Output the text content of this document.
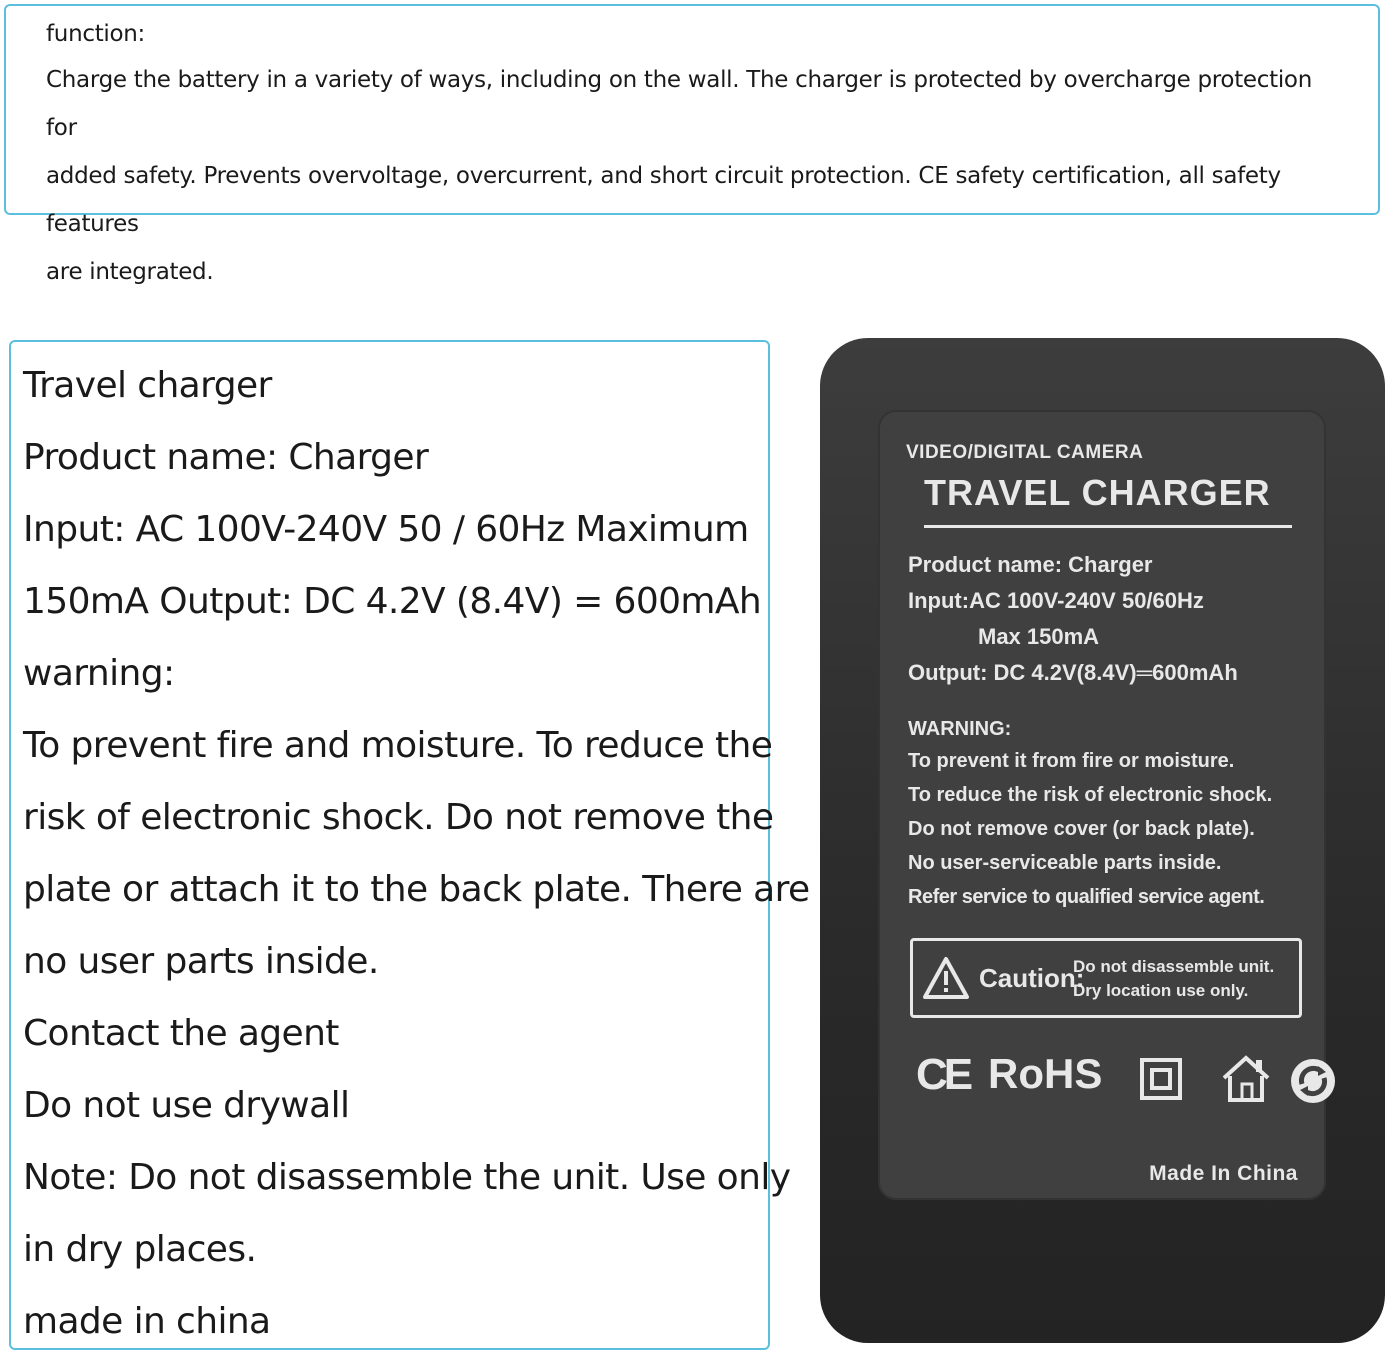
function:

Charge the battery in a variety of ways, including on the wall. The charger is protected by overcharge protection for

added safety. Prevents overvoltage, overcurrent, and short circuit protection. CE safety certification, all safety features

are integrated.

Travel charger

Product name: Charger

Input: AC 100V-240V 50 / 60Hz Maximum

150mA Output: DC 4.2V (8.4V) = 600mAh

warning:

To prevent fire and moisture. To reduce the

risk of electronic shock. Do not remove the

plate or attach it to the back plate. There are

no user parts inside.

Contact the agent

Do not use drywall

Note: Do not disassemble the unit. Use only

in dry places.

made in china

VIDEO/DIGITAL CAMERA
TRAVEL CHARGER
Product name: Charger
Input:AC 100V-240V 50/60Hz
Max 150mA
Output: DC 4.2V(8.4V)═600mAh
WARNING:
To prevent it from fire or moisture.
To reduce the risk of electronic shock.
Do not remove cover (or back plate).
No user-serviceable parts inside.
Refer service to qualified service agent.
Caution:
Do not disassemble unit.
Dry location use only.
CE RoHS
Made In China
